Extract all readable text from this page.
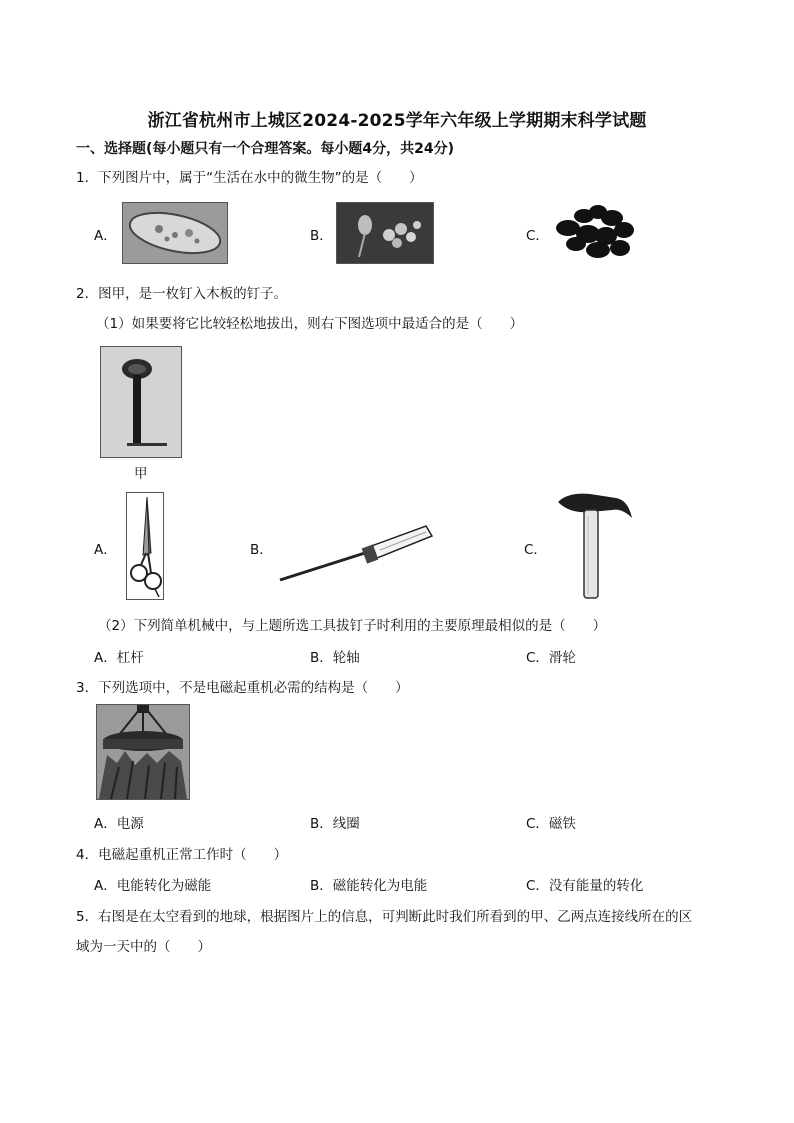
浙江省杭州市上城区2024-2025学年六年级上学期期末科学试题
一、选择题(每小题只有一个合理答案。每小题4分，共24分)
1．下列图片中，属于“生活在水中的微生物”的是（　　）
A．	B．	C．
2．图甲，是一枚钉入木板的钉子。
（1）如果要将它比较轻松地拔出，则右下图选项中最适合的是（　　）
甲
A．	B．	C．
（2）下列简单机械中，与上题所选工具拔钉子时利用的主要原理最相似的是（　　）
A．杠杆	B．轮轴	C．滑轮
3．下列选项中，不是电磁起重机必需的结构是（　　）
A．电源	B．线圈	C．磁铁
4．电磁起重机正常工作时（　　）
A．电能转化为磁能	B．磁能转化为电能	C．没有能量的转化
5．右图是在太空看到的地球，根据图片上的信息，可判断此时我们所看到的甲、乙两点连接线所在的区
域为一天中的（　　）
